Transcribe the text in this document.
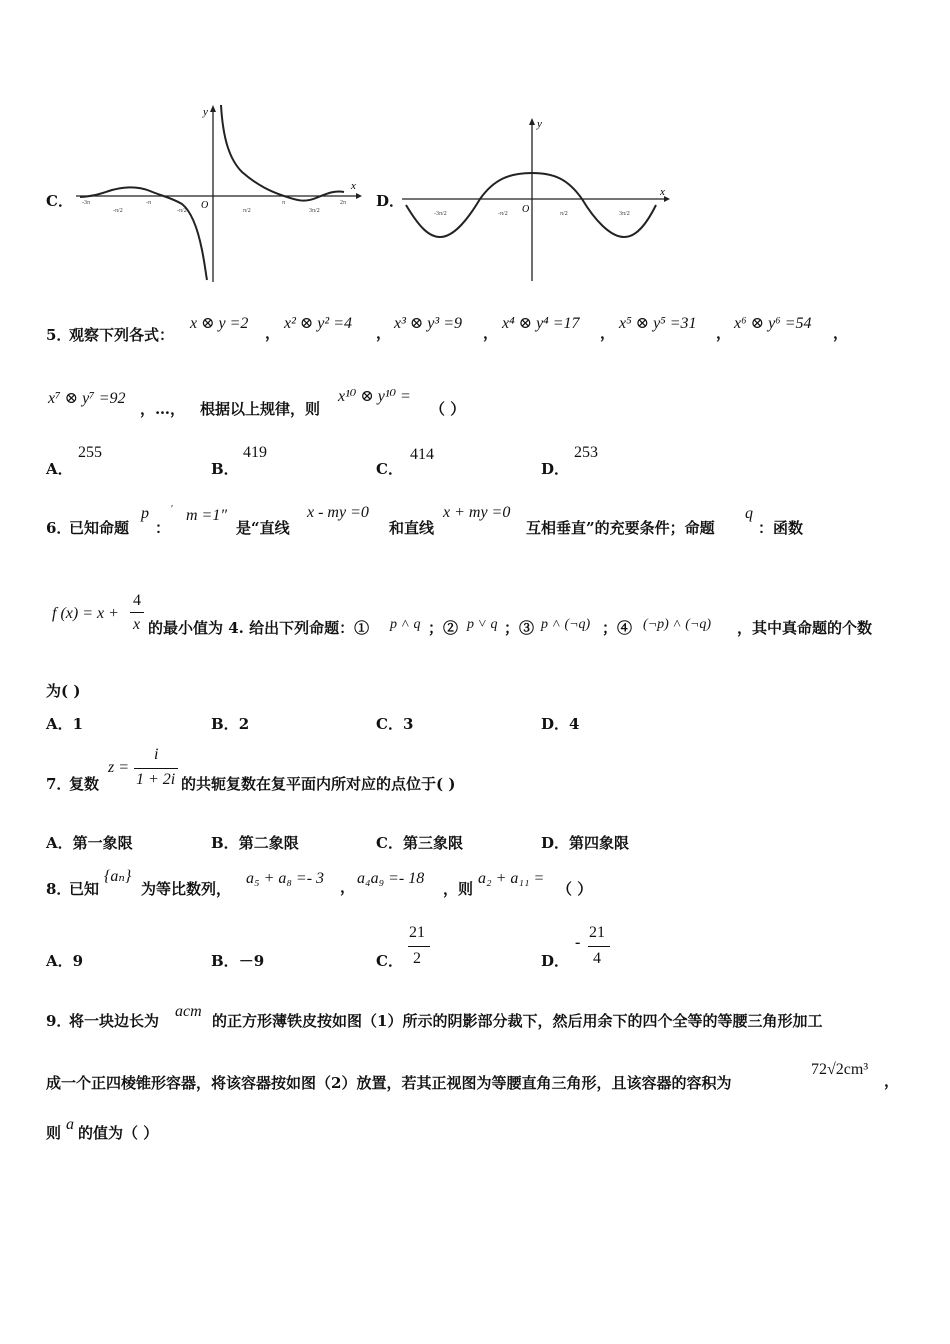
C．
y
x
O
-3π
-π/2
-π
-π/2	π/2
π
3π/2
2π D．
y
x
O
-3π/2	-π/2	π/2	3π/2
5．
观察下列各式：
x ⊗ y =2
，
x² ⊗ y² =4
，
x³ ⊗ y³ =9
，
x⁴ ⊗ y⁴ =17
，
x⁵ ⊗ y⁵ =31
，
x⁶ ⊗ y⁶ =54
，
x⁷ ⊗ y⁷ =92
，…， 根据以上规律，则
x¹⁰ ⊗ y¹⁰ =
（ ）
A．
255
B．
419
C．
414
D．
253
6．
已知命题
p
：
′ m =1″
是“直线
x - my =0
和直线
x + my =0
互相垂直”的充要条件；命题
q
：函数
f (x) = x +
4
x 的最小值为 4. 给出下列命题：① p ˄ q ；② p ˅ q ；③ p ˄ (¬q) ；④ (¬p) ˄ (¬q) ，其中真命题的个数
为( )
A．1	B．2	C．3	D．4
7．
复数
z =
i
1 + 2i 的共轭复数在复平面内所对应的点位于( )
A．第一象限	B．第二象限	C．第三象限	D．第四象限
8．
已知
{aₙ}
为等比数列，
a₅ + a₈ =- 3 ， a₄a₉ =- 18
，则
a₂ + a₁₁ =
（ ）
A．9	B．－9	C．
21
2	D．
-
21
4
9．
将一块边长为
acm
的正方形薄铁皮按如图（1）所示的阴影部分裁下，然后用余下的四个全等的等腰三角形加工
成一个正四棱锥形容器，将该容器按如图（2）放置，若其正视图为等腰直角三角形，且该容器的容积为
72√2cm³
，
则 a 的值为（ ）
